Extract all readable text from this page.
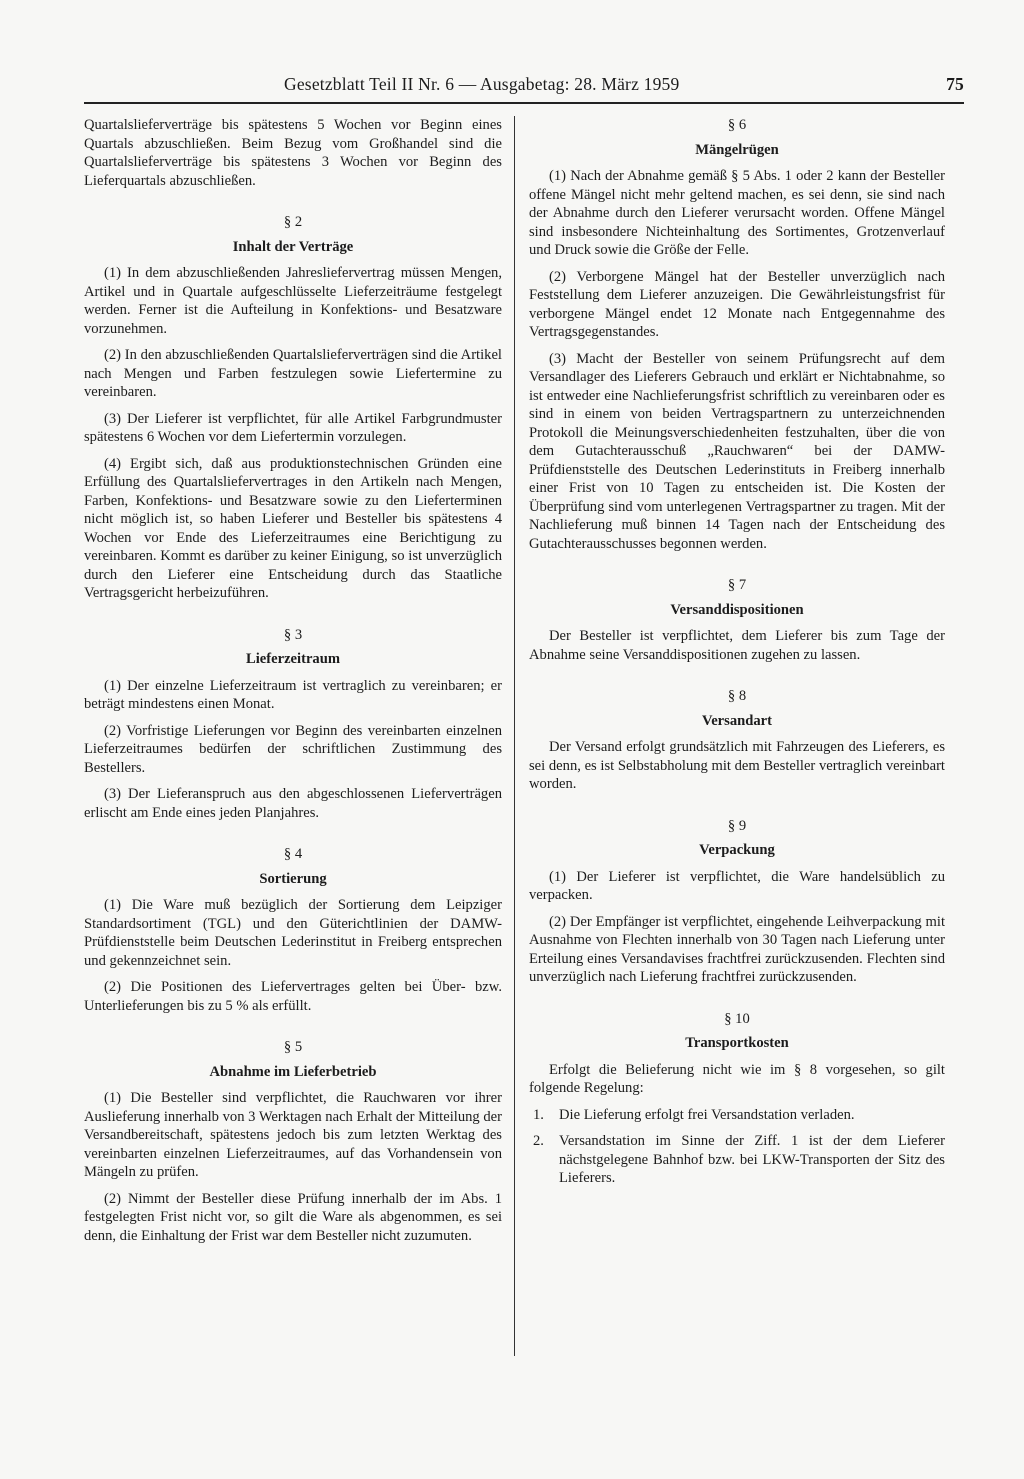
Gesetzblatt Teil II Nr. 6 — Ausgabetag: 28. März 1959	75

Quartalslieferverträge bis spätestens 5 Wochen vor Beginn eines Quartals abzuschließen. Beim Bezug vom Großhandel sind die Quartalslieferverträge bis spätestens 3 Wochen vor Beginn des Lieferquartals abzuschließen.

§ 2
Inhalt der Verträge

(1) In dem abzuschließenden Jahresliefervertrag müssen Mengen, Artikel und in Quartale aufgeschlüsselte Lieferzeiträume festgelegt werden. Ferner ist die Aufteilung in Konfektions- und Besatzware vorzunehmen.

(2) In den abzuschließenden Quartalslieferverträgen sind die Artikel nach Mengen und Farben festzulegen sowie Liefertermine zu vereinbaren.

(3) Der Lieferer ist verpflichtet, für alle Artikel Farbgrundmuster spätestens 6 Wochen vor dem Liefertermin vorzulegen.

(4) Ergibt sich, daß aus produktionstechnischen Gründen eine Erfüllung des Quartalsliefervertrages in den Artikeln nach Mengen, Farben, Konfektions- und Besatzware sowie zu den Lieferterminen nicht möglich ist, so haben Lieferer und Besteller bis spätestens 4 Wochen vor Ende des Lieferzeitraumes eine Berichtigung zu vereinbaren. Kommt es darüber zu keiner Einigung, so ist unverzüglich durch den Lieferer eine Entscheidung durch das Staatliche Vertragsgericht herbeizuführen.

§ 3
Lieferzeitraum

(1) Der einzelne Lieferzeitraum ist vertraglich zu vereinbaren; er beträgt mindestens einen Monat.

(2) Vorfristige Lieferungen vor Beginn des vereinbarten einzelnen Lieferzeitraumes bedürfen der schriftlichen Zustimmung des Bestellers.

(3) Der Lieferanspruch aus den abgeschlossenen Lieferverträgen erlischt am Ende eines jeden Planjahres.

§ 4
Sortierung

(1) Die Ware muß bezüglich der Sortierung dem Leipziger Standardsortiment (TGL) und den Güterichtlinien der DAMW-Prüfdienststelle beim Deutschen Lederinstitut in Freiberg entsprechen und gekennzeichnet sein.

(2) Die Positionen des Liefervertrages gelten bei Über- bzw. Unterlieferungen bis zu 5 % als erfüllt.

§ 5
Abnahme im Lieferbetrieb

(1) Die Besteller sind verpflichtet, die Rauchwaren vor ihrer Auslieferung innerhalb von 3 Werktagen nach Erhalt der Mitteilung der Versandbereitschaft, spätestens jedoch bis zum letzten Werktag des vereinbarten einzelnen Lieferzeitraumes, auf das Vorhandensein von Mängeln zu prüfen.

(2) Nimmt der Besteller diese Prüfung innerhalb der im Abs. 1 festgelegten Frist nicht vor, so gilt die Ware als abgenommen, es sei denn, die Einhaltung der Frist war dem Besteller nicht zuzumuten.

§ 6
Mängelrügen

(1) Nach der Abnahme gemäß § 5 Abs. 1 oder 2 kann der Besteller offene Mängel nicht mehr geltend machen, es sei denn, sie sind nach der Abnahme durch den Lieferer verursacht worden. Offene Mängel sind insbesondere Nichteinhaltung des Sortimentes, Grotzenverlauf und Druck sowie die Größe der Felle.

(2) Verborgene Mängel hat der Besteller unverzüglich nach Feststellung dem Lieferer anzuzeigen. Die Gewährleistungsfrist für verborgene Mängel endet 12 Monate nach Entgegennahme des Vertragsgegenstandes.

(3) Macht der Besteller von seinem Prüfungsrecht auf dem Versandlager des Lieferers Gebrauch und erklärt er Nichtabnahme, so ist entweder eine Nachlieferungsfrist schriftlich zu vereinbaren oder es sind in einem von beiden Vertragspartnern zu unterzeichnenden Protokoll die Meinungsverschiedenheiten festzuhalten, über die von dem Gutachterausschuß „Rauchwaren“ bei der DAMW-Prüfdienststelle des Deutschen Lederinstituts in Freiberg innerhalb einer Frist von 10 Tagen zu entscheiden ist. Die Kosten der Überprüfung sind vom unterlegenen Vertragspartner zu tragen. Mit der Nachlieferung muß binnen 14 Tagen nach der Entscheidung des Gutachterausschusses begonnen werden.

§ 7
Versanddispositionen

Der Besteller ist verpflichtet, dem Lieferer bis zum Tage der Abnahme seine Versanddispositionen zugehen zu lassen.

§ 8
Versandart

Der Versand erfolgt grundsätzlich mit Fahrzeugen des Lieferers, es sei denn, es ist Selbstabholung mit dem Besteller vertraglich vereinbart worden.

§ 9
Verpackung

(1) Der Lieferer ist verpflichtet, die Ware handelsüblich zu verpacken.

(2) Der Empfänger ist verpflichtet, eingehende Leihverpackung mit Ausnahme von Flechten innerhalb von 30 Tagen nach Lieferung unter Erteilung eines Versandavises frachtfrei zurückzusenden. Flechten sind unverzüglich nach Lieferung frachtfrei zurückzusenden.

§ 10
Transportkosten

Erfolgt die Belieferung nicht wie im § 8 vorgesehen, so gilt folgende Regelung:

1. Die Lieferung erfolgt frei Versandstation verladen.
2. Versandstation im Sinne der Ziff. 1 ist der dem Lieferer nächstgelegene Bahnhof bzw. bei LKW-Transporten der Sitz des Lieferers.
